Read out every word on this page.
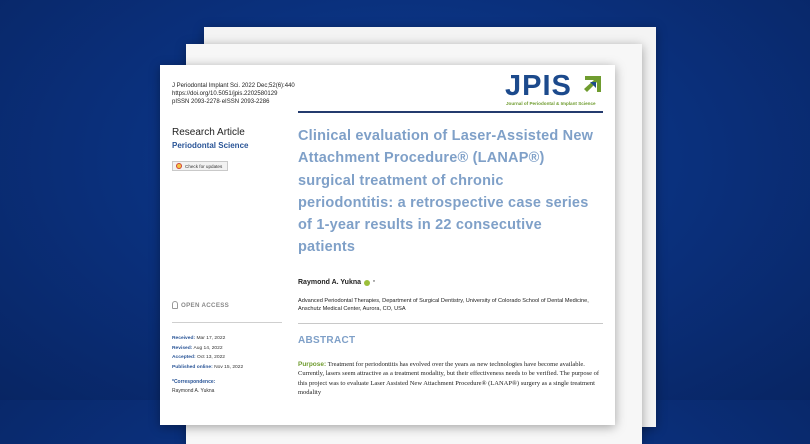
J Periodontal Implant Sci. 2022 Dec;52(6):440
https://doi.org/10.5051/jpis.2202580129
pISSN 2093-2278·eISSN 2093-2286	JPIS
Journal of Periodontal & Implant Science
Research Article
Periodontal Science
Check for updates
Clinical evaluation of Laser-Assisted New Attachment Procedure® (LANAP®) surgical treatment of chronic periodontitis: a retrospective case series of 1-year results in 22 consecutive patients
Raymond A. Yukna *
Advanced Periodontal Therapies, Department of Surgical Dentistry, University of Colorado School of Dental Medicine, Anschutz Medical Center, Aurora, CO, USA
OPEN ACCESS
Received: Mar 17, 2022
Revised: Aug 14, 2022
Accepted: Oct 13, 2022
Published online: Nov 15, 2022
*Correspondence:
Raymond A. Yukna
ABSTRACT
Purpose: Treatment for periodontitis has evolved over the years as new technologies have become available. Currently, lasers seem attractive as a treatment modality, but their effectiveness needs to be verified. The purpose of this project was to evaluate Laser Assisted New Attachment Procedure® (LANAP®) surgery as a single treatment modality
